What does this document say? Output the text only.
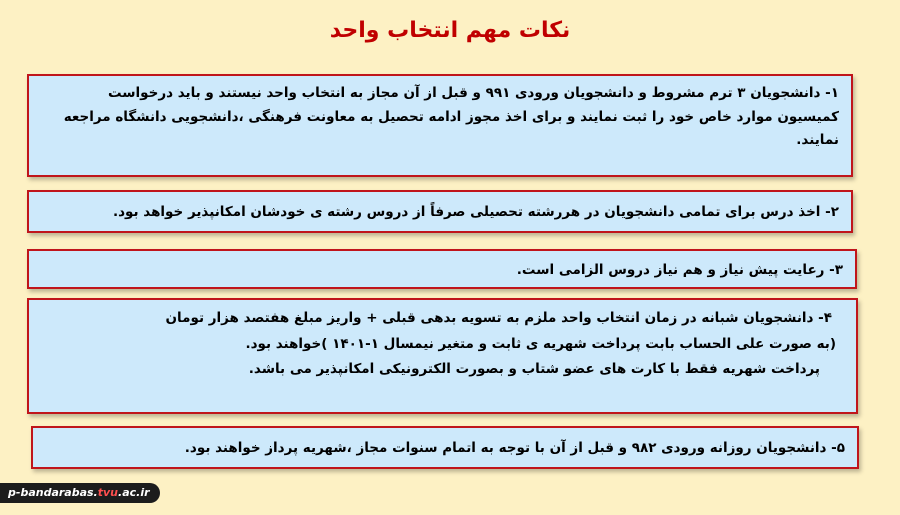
نکات مهم انتخاب واحد

۱- دانشجویان ۳ ترم مشروط و دانشجویان ورودی ۹۹۱ و قبل از آن مجاز به انتخاب واحد نیستند و باید درخواست کمیسیون موارد خاص خود را ثبت نمایند و برای اخذ مجوز ادامه تحصیل به معاونت فرهنگی ،دانشجویی دانشگاه مراجعه نمایند.

۲- اخذ درس برای تمامی دانشجویان در هررشته تحصیلی صرفاً از دروس رشته ی خودشان امکانپذیر خواهد بود.

۳- رعایت پیش نیاز و هم نیاز دروس الزامی است.

۴- دانشجویان شبانه در زمان انتخاب واحد ملزم به تسویه بدهی قبلی + واریز مبلغ هفتصد هزار تومان

(به صورت علی الحساب بابت پرداخت شهریه ی ثابت و متغیر نیمسال ۱-۱۴۰۱ )خواهند بود.

پرداخت شهریه فقط با کارت های عضو شتاب و بصورت الکترونیکی امکانپذیر می باشد.

۵- دانشجویان روزانه ورودی ۹۸۲ و قبل از آن با توجه به اتمام سنوات مجاز ،شهریه پرداز خواهند بود.

p-bandarabas.tvu.ac.ir
